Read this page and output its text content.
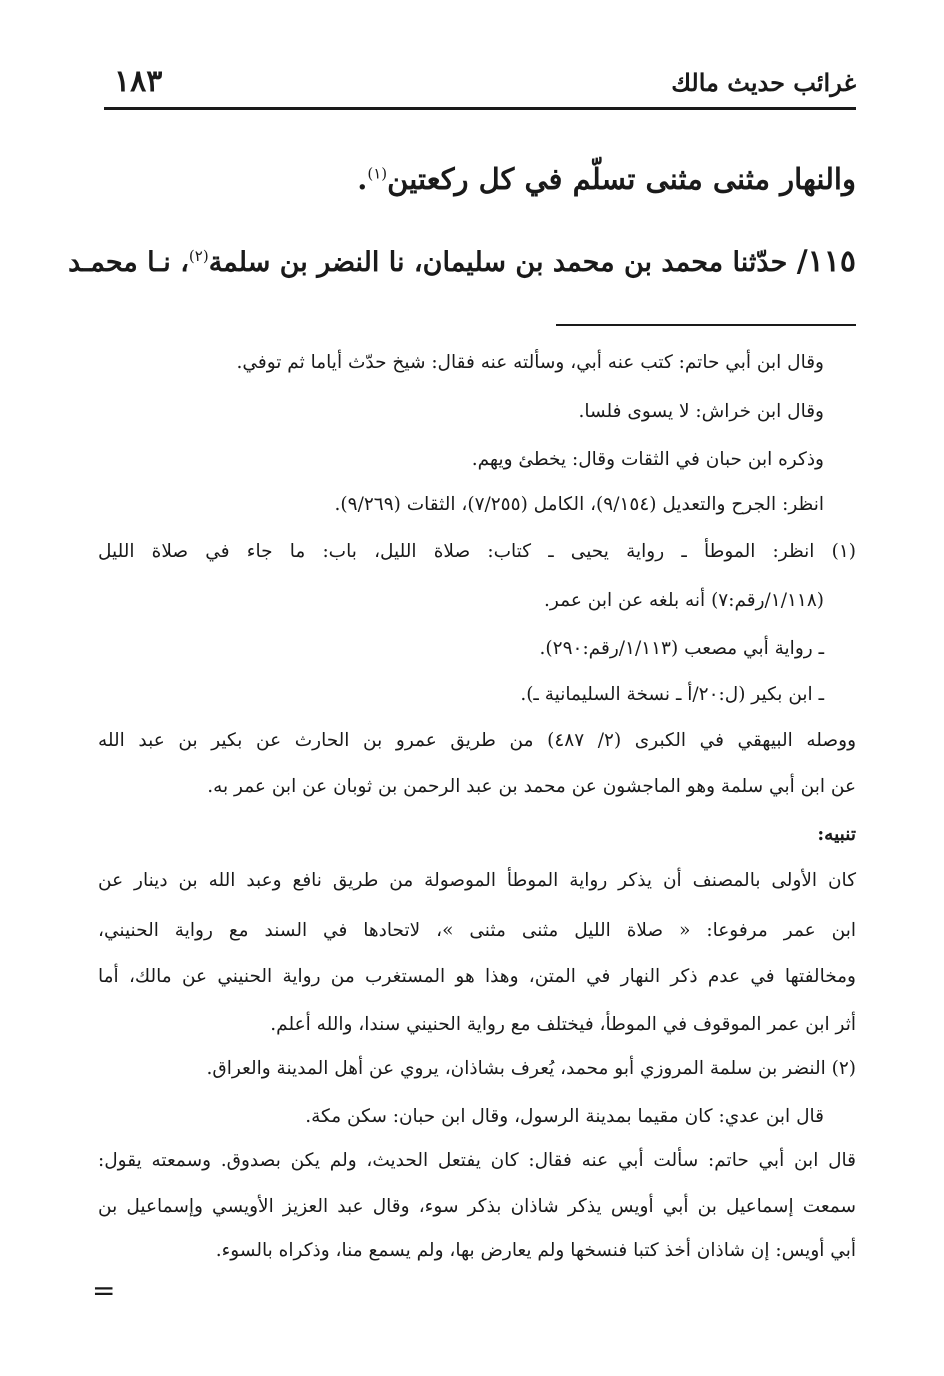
غرائب حديث مالك
١٨٣
والنهار مثنى مثنى تسلّم في كل ركعتين$^{(١)}$.
١١٥/ حدّثنا محمد بن محمد بن سليمان، نا النضر بن سلمة$^{(٢)}$، نـا محمـد
وقال ابن أبي حاتم: كتب عنه أبي، وسألته عنه فقال: شيخ حدّث أياما ثم توفي.
وقال ابن خراش: لا يسوى فلسا.
وذكره ابن حبان في الثقات وقال: يخطئ ويهم.
انظر: الجرح والتعديل (٩/١٥٤)، الكامل (٧/٢٥٥)، الثقات (٩/٢٦٩).
(١) انظر: الموطأ ـ رواية يحيى ـ كتاب: صلاة الليل، باب: ما جاء في صلاة الليل
(١/١١٨/رقم:٧) أنه بلغه عن ابن عمر.
ـ رواية أبي مصعب (١/١١٣/رقم:٢٩٠).
ـ ابن بكير (ل:٢٠/أ ـ نسخة السليمانية ـ).
ووصله البيهقي في الكبرى (٢/ ٤٨٧) من طريق عمرو بن الحارث عن بكير بن عبد الله
عن ابن أبي سلمة وهو الماجشون عن محمد بن عبد الرحمن بن ثوبان عن ابن عمر به.
تنبيه:
كان الأولى بالمصنف أن يذكر رواية الموطأ الموصولة من طريق نافع وعبد الله بن دينار عن
ابن عمر مرفوعا: « صلاة الليل مثنى مثنى »، لاتحادها في السند مع رواية الحنيني،
ومخالفتها في عدم ذكر النهار في المتن، وهذا هو المستغرب من رواية الحنيني عن مالك، أما
أثر ابن عمر الموقوف في الموطأ، فيختلف مع رواية الحنيني سندا، والله أعلم.
(٢) النضر بن سلمة المروزي أبو محمد، يُعرف بشاذان، يروي عن أهل المدينة والعراق.
قال ابن عدي: كان مقيما بمدينة الرسول، وقال ابن حبان: سكن مكة.
قال ابن أبي حاتم: سألت أبي عنه فقال: كان يفتعل الحديث، ولم يكن بصدوق. وسمعته يقول:
سمعت إسماعيل بن أبي أويس يذكر شاذان بذكر سوء، وقال عبد العزيز الأويسي وإسماعيل بن
أبي أويس: إن شاذان أخذ كتبا فنسخها ولم يعارض بها، ولم يسمع منا، وذكراه بالسوء.
=
